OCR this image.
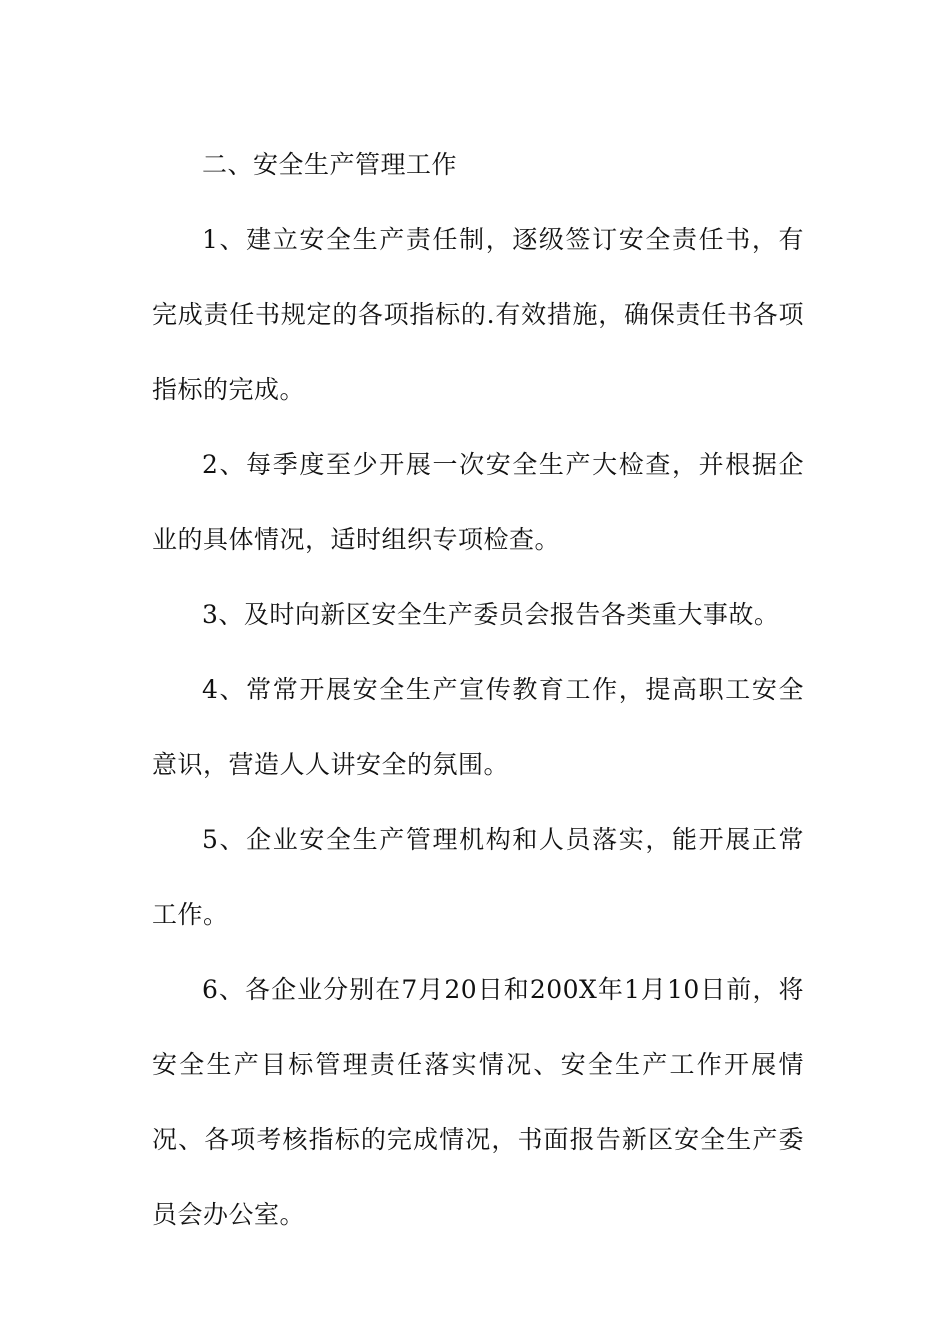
二、安全生产管理工作

1、建立安全生产责任制，逐级签订安全责任书，有完成责任书规定的各项指标的.有效措施，确保责任书各项指标的完成。

2、每季度至少开展一次安全生产大检查，并根据企业的具体情况，适时组织专项检查。

3、及时向新区安全生产委员会报告各类重大事故。

4、常常开展安全生产宣传教育工作，提高职工安全意识，营造人人讲安全的氛围。

5、企业安全生产管理机构和人员落实，能开展正常工作。

6、各企业分别在7月20日和200X年1月10日前，将安全生产目标管理责任落实情况、安全生产工作开展情况、各项考核指标的完成情况，书面报告新区安全生产委员会办公室。
